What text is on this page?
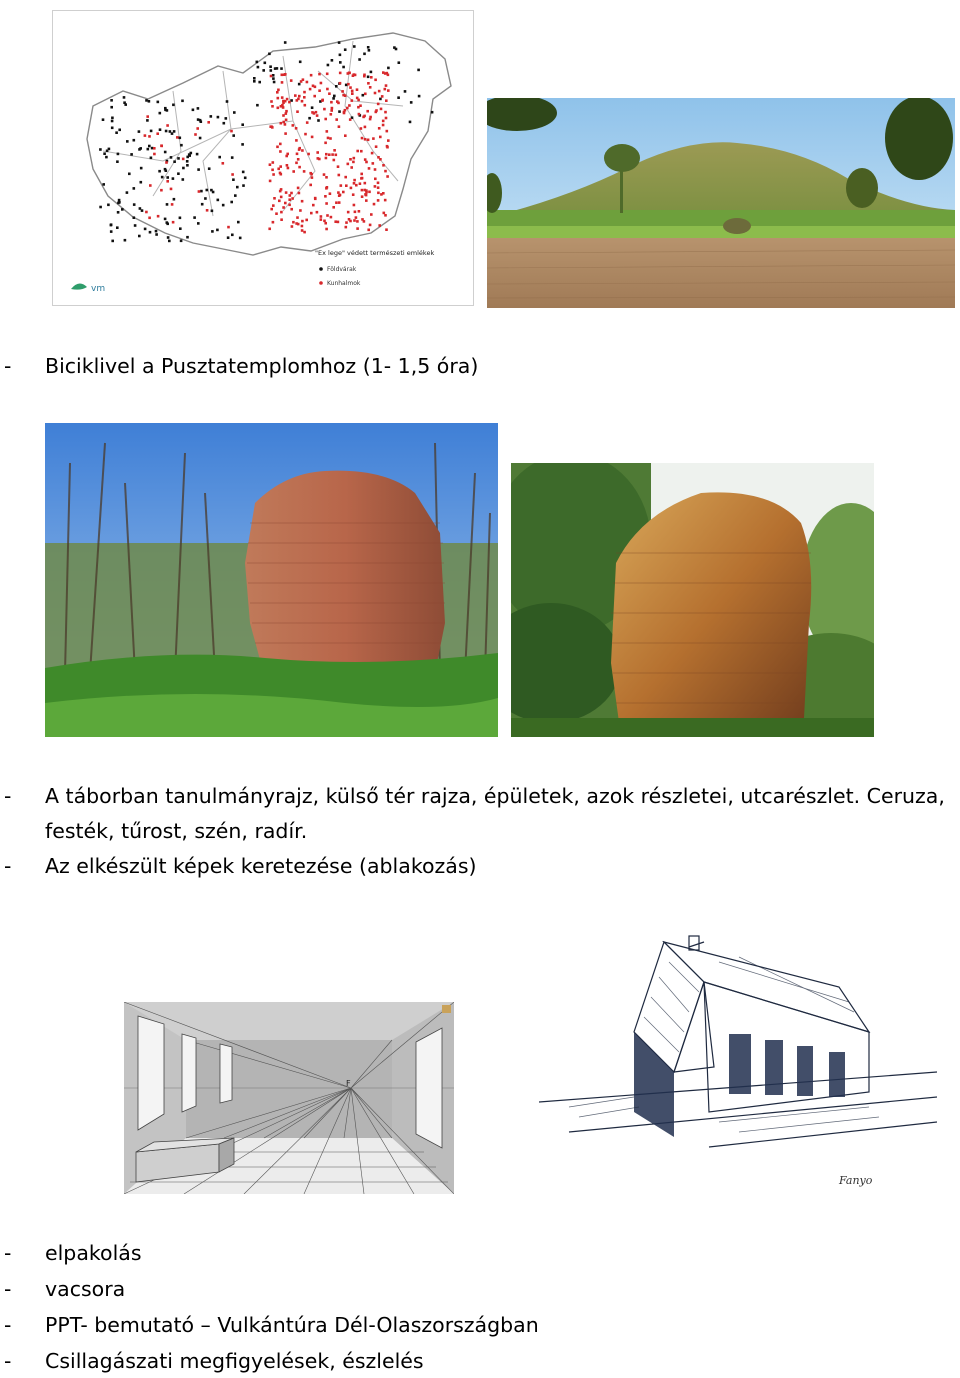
"Ex lege" védett természeti emlékek
Földvárak
Kunhalmok
vm
- Biciklivel a Pusztatemplomhoz (1- 1,5 óra)
- A táborban tanulmányrajz, külső tér rajza, épületek, azok részletei, utcarészlet. Ceruza,
festék, tűrost, szén, radír.
- Az elkészült képek keretezése (ablakozás)
F
Fanyo
- elpakolás
- vacsora
- PPT- bemutató – Vulkántúra Dél-Olaszországban
- Csillagászati megfigyelések, észlelés
